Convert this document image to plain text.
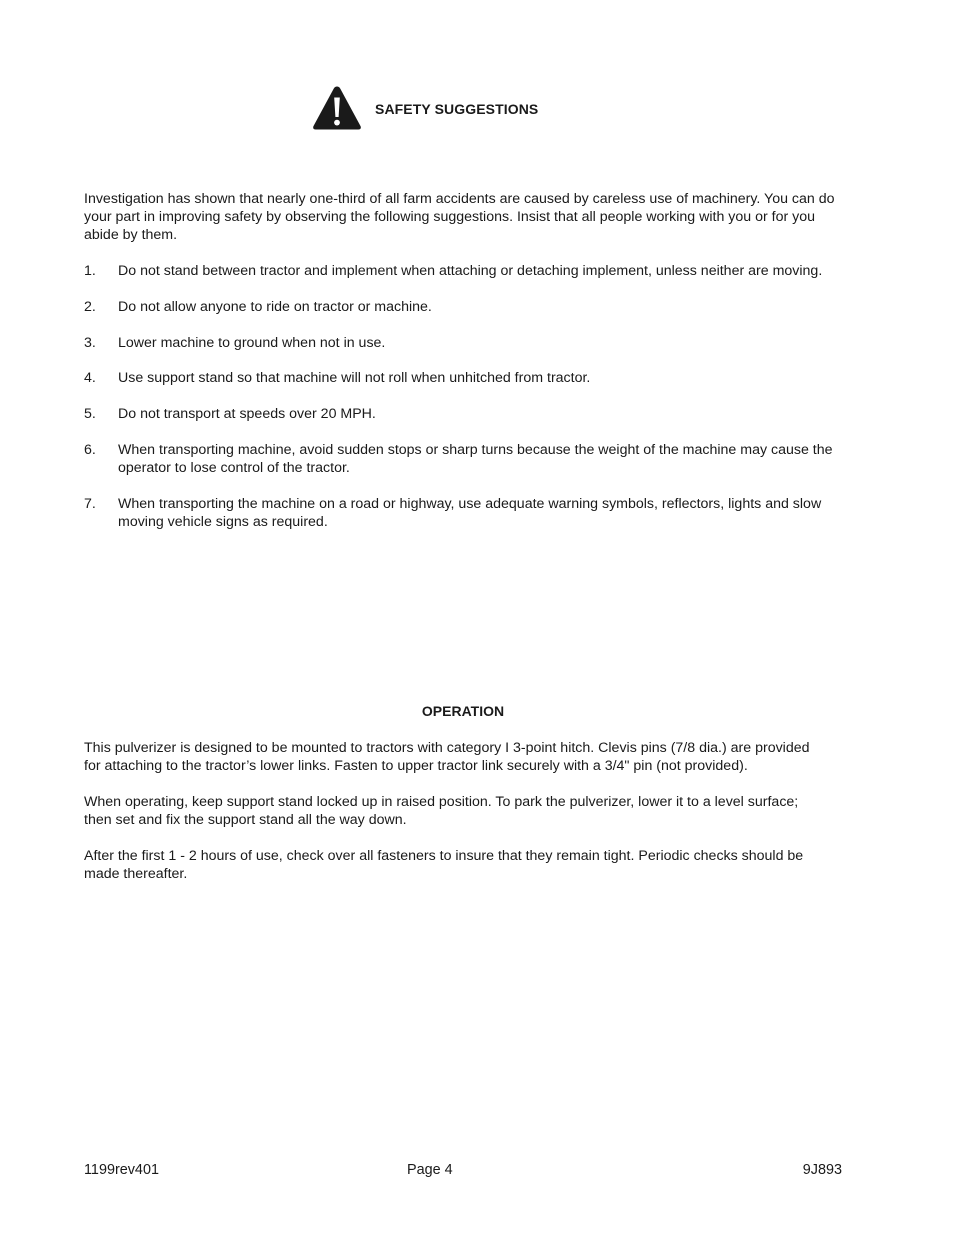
SAFETY SUGGESTIONS

Investigation has shown that nearly one-third of all farm accidents are caused by careless use of machinery. You can do your part in improving safety by observing the following suggestions. Insist that all people working with you or for you abide by them.

1.	Do not stand between tractor and implement when attaching or detaching implement, unless neither are moving.
2.	Do not allow anyone to ride on tractor or machine.
3.	Lower machine to ground when not in use.
4.	Use support stand so that machine will not roll when unhitched from tractor.
5.	Do not transport at speeds over 20 MPH.
6.	When transporting machine, avoid sudden stops or sharp turns because the weight of the machine may cause the operator to lose control of the tractor.
7.	When transporting the machine on a road or highway, use adequate warning symbols, reflectors, lights and slow moving vehicle signs as required.
OPERATION

This pulverizer is designed to be mounted to tractors with category I 3-point hitch. Clevis pins (7/8 dia.) are provided for attaching to the tractor’s lower links. Fasten to upper tractor link securely with a 3/4" pin (not provided).

When operating, keep support stand locked up in raised position. To park the pulverizer, lower it to a level surface; then set and fix the support stand all the way down.

After the first 1 - 2 hours of use, check over all fasteners to insure that they remain tight. Periodic checks should be made thereafter.

1199rev401	Page 4	9J893
